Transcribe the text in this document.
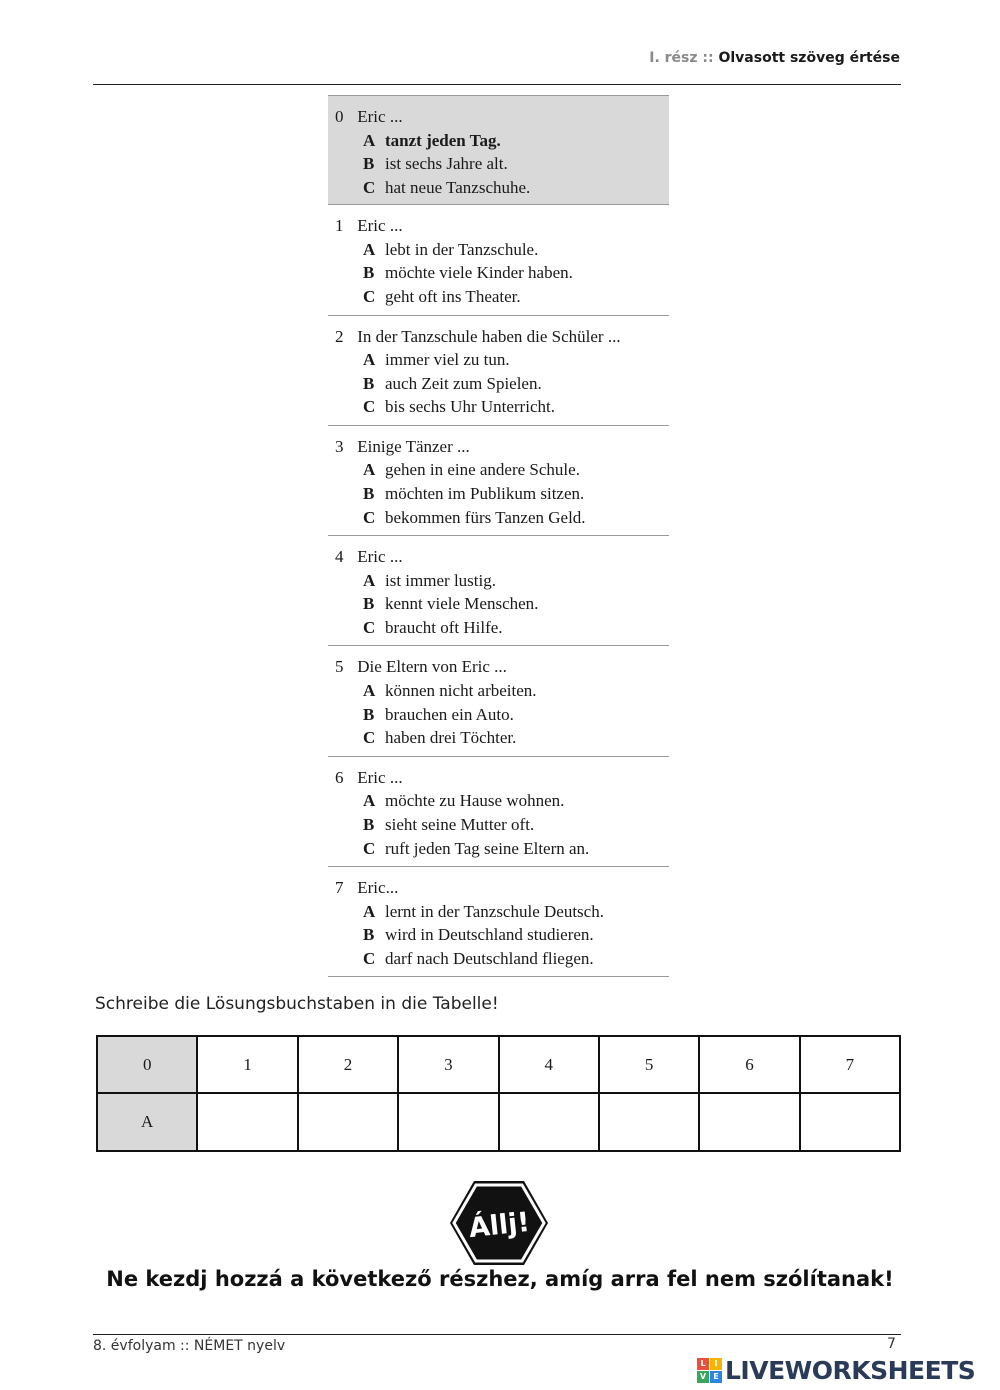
I. rész :: Olvasott szöveg értése
0 Eric ...
A tanzt jeden Tag.
B ist sechs Jahre alt.
C hat neue Tanzschuhe.
1 Eric ...
A lebt in der Tanzschule.
B möchte viele Kinder haben.
C geht oft ins Theater.
2 In der Tanzschule haben die Schüler ...
A immer viel zu tun.
B auch Zeit zum Spielen.
C bis sechs Uhr Unterricht.
3 Einige Tänzer ...
A gehen in eine andere Schule.
B möchten im Publikum sitzen.
C bekommen fürs Tanzen Geld.
4 Eric ...
A ist immer lustig.
B kennt viele Menschen.
C braucht oft Hilfe.
5 Die Eltern von Eric ...
A können nicht arbeiten.
B brauchen ein Auto.
C haben drei Töchter.
6 Eric ...
A möchte zu Hause wohnen.
B sieht seine Mutter oft.
C ruft jeden Tag seine Eltern an.
7 Eric...
A lernt in der Tanzschule Deutsch.
B wird in Deutschland studieren.
C darf nach Deutschland fliegen.
Schreibe die Lösungsbuchstaben in die Tabelle!
0	1	2	3	4	5	6	7
A							
Állj!
Ne kezdj hozzá a következő részhez, amíg arra fel nem szólítanak!
8. évfolyam :: NÉMET nyelv	7
L	I
V E LIVEWORKSHEETS
